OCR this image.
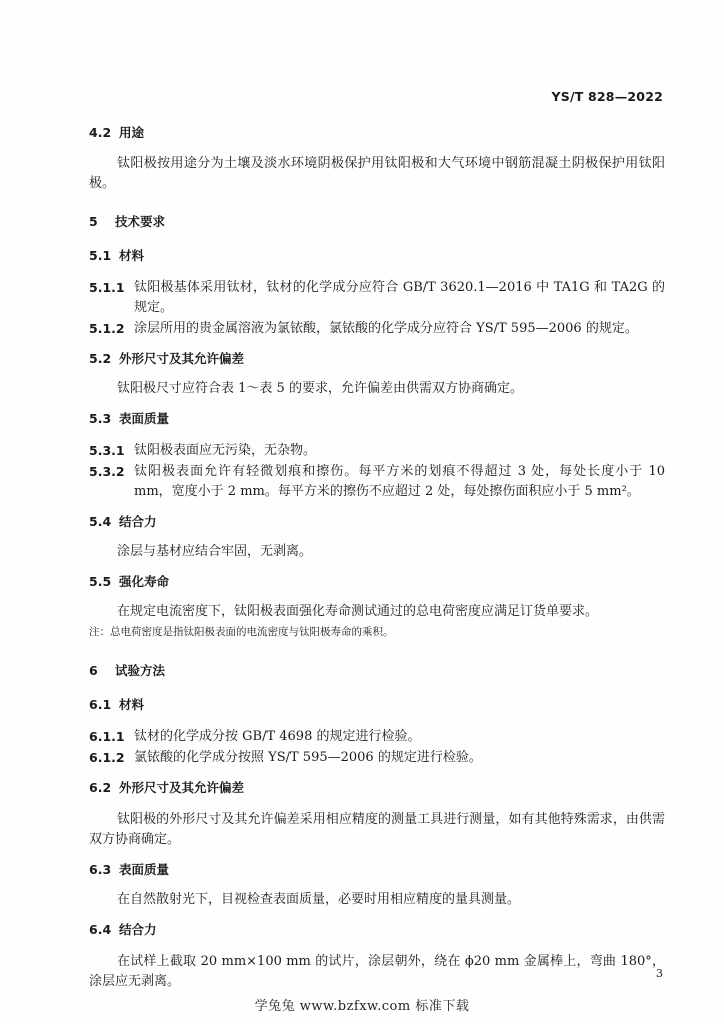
YS/T 828—2022
4.2 用途
钛阳极按用途分为土壤及淡水环境阴极保护用钛阳极和大气环境中钢筋混凝土阴极保护用钛阳极。
5	技术要求
5.1 材料
5.1.1 钛阳极基体采用钛材，钛材的化学成分应符合 GB/T 3620.1—2016 中 TA1G 和 TA2G 的规定。
5.1.2 涂层所用的贵金属溶液为氯铱酸，氯铱酸的化学成分应符合 YS/T 595—2006 的规定。
5.2 外形尺寸及其允许偏差
钛阳极尺寸应符合表 1～表 5 的要求，允许偏差由供需双方协商确定。
5.3 表面质量
5.3.1 钛阳极表面应无污染，无杂物。
5.3.2 钛阳极表面允许有轻微划痕和擦伤。每平方米的划痕不得超过 3 处，每处长度小于 10 mm，宽度小于 2 mm。每平方米的擦伤不应超过 2 处，每处擦伤面积应小于 5 mm²。
5.4 结合力
涂层与基材应结合牢固，无剥离。
5.5 强化寿命
在规定电流密度下，钛阳极表面强化寿命测试通过的总电荷密度应满足订货单要求。
注：总电荷密度是指钛阳极表面的电流密度与钛阳极寿命的乘积。
6	试验方法
6.1 材料
6.1.1 钛材的化学成分按 GB/T 4698 的规定进行检验。
6.1.2 氯铱酸的化学成分按照 YS/T 595—2006 的规定进行检验。
6.2 外形尺寸及其允许偏差
钛阳极的外形尺寸及其允许偏差采用相应精度的测量工具进行测量，如有其他特殊需求，由供需双方协商确定。
6.3 表面质量
在自然散射光下，目视检查表面质量，必要时用相应精度的量具测量。
6.4 结合力
在试样上截取 20 mm×100 mm 的试片，涂层朝外，绕在 ϕ20 mm 金属棒上，弯曲 180°，涂层应无剥离。
3
学兔兔 www.bzfxw.com 标准下载
